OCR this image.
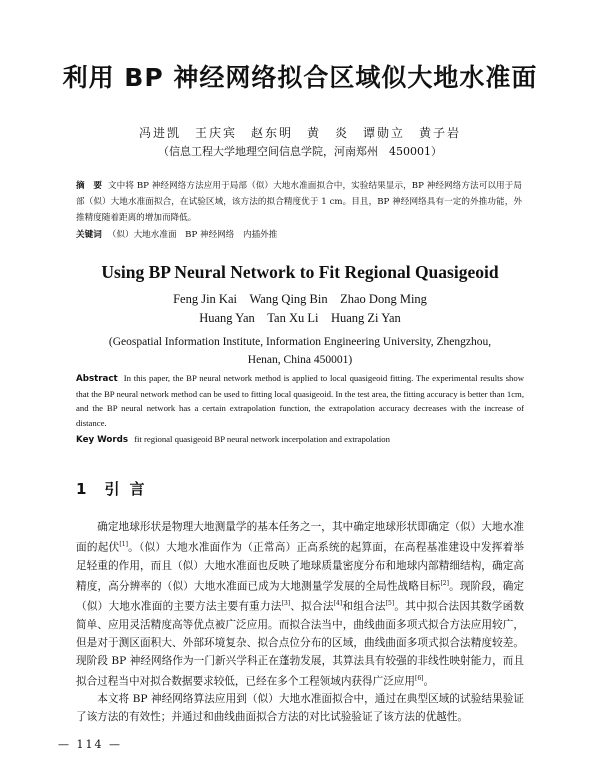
利用 BP 神经网络拟合区域似大地水准面
冯进凯　王庆宾　赵东明　黄　炎　谭勋立　黄子岩
（信息工程大学地理空间信息学院，河南郑州　450001）
摘　要 文中将 BP 神经网络方法应用于局部（似）大地水准面拟合中，实验结果显示，BP 神经网络方法可以用于局部（似）大地水准面拟合，在试验区域，该方法的拟合精度优于 1 cm。目且，BP 神经网络具有一定的外推功能，外推精度随着距离的增加而降低。
关键词 （似）大地水准面　BP 神经网络　内插外推
Using BP Neural Network to Fit Regional Quasigeoid
Feng Jin Kai　Wang Qing Bin　Zhao Dong Ming
Huang Yan　Tan Xu Li　Huang Zi Yan
(Geospatial Information Institute, Information Engineering University, Zhengzhou,
Henan, China 450001)
Abstract In this paper, the BP neural network method is applied to local quasigeoid fitting. The experimental results show that the BP neural network method can be used to fitting local quasigeoid. In the test area, the fitting accuracy is better than 1cm, and the BP neural network has a certain extrapolation function, the extrapolation accuracy decreases with the increase of distance.
Key Words fit regional quasigeoid BP neural network incerpolation and extrapolation
1 引言

确定地球形状是物理大地测量学的基本任务之一，其中确定地球形状即确定（似）大地水准面的起伏[1]。（似）大地水准面作为（正常高）正高系统的起算面，在高程基准建设中发挥着举足轻重的作用，而且（似）大地水准面也反映了地球质量密度分布和地球内部精细结构，确定高精度，高分辨率的（似）大地水准面已成为大地测量学发展的全局性战略目标[2]。现阶段，确定（似）大地水准面的主要方法主要有重力法[3]、拟合法[4]和组合法[5]。其中拟合法因其数学函数简单、应用灵活精度高等优点被广泛应用。而拟合法当中，曲线曲面多项式拟合方法应用较广，但是对于测区面积大、外部环境复杂、拟合点位分布的区域，曲线曲面多项式拟合法精度较差。现阶段 BP 神经网络作为一门新兴学科正在蓬勃发展，其算法具有较强的非线性映射能力，而且拟合过程当中对拟合数据要求较低，已经在多个工程领域内获得广泛应用[6]。

本文将 BP 神经网络算法应用到（似）大地水准面拟合中，通过在典型区域的试验结果验证了该方法的有效性；并通过和曲线曲面拟合方法的对比试验验证了该方法的优越性。

— 114 —
